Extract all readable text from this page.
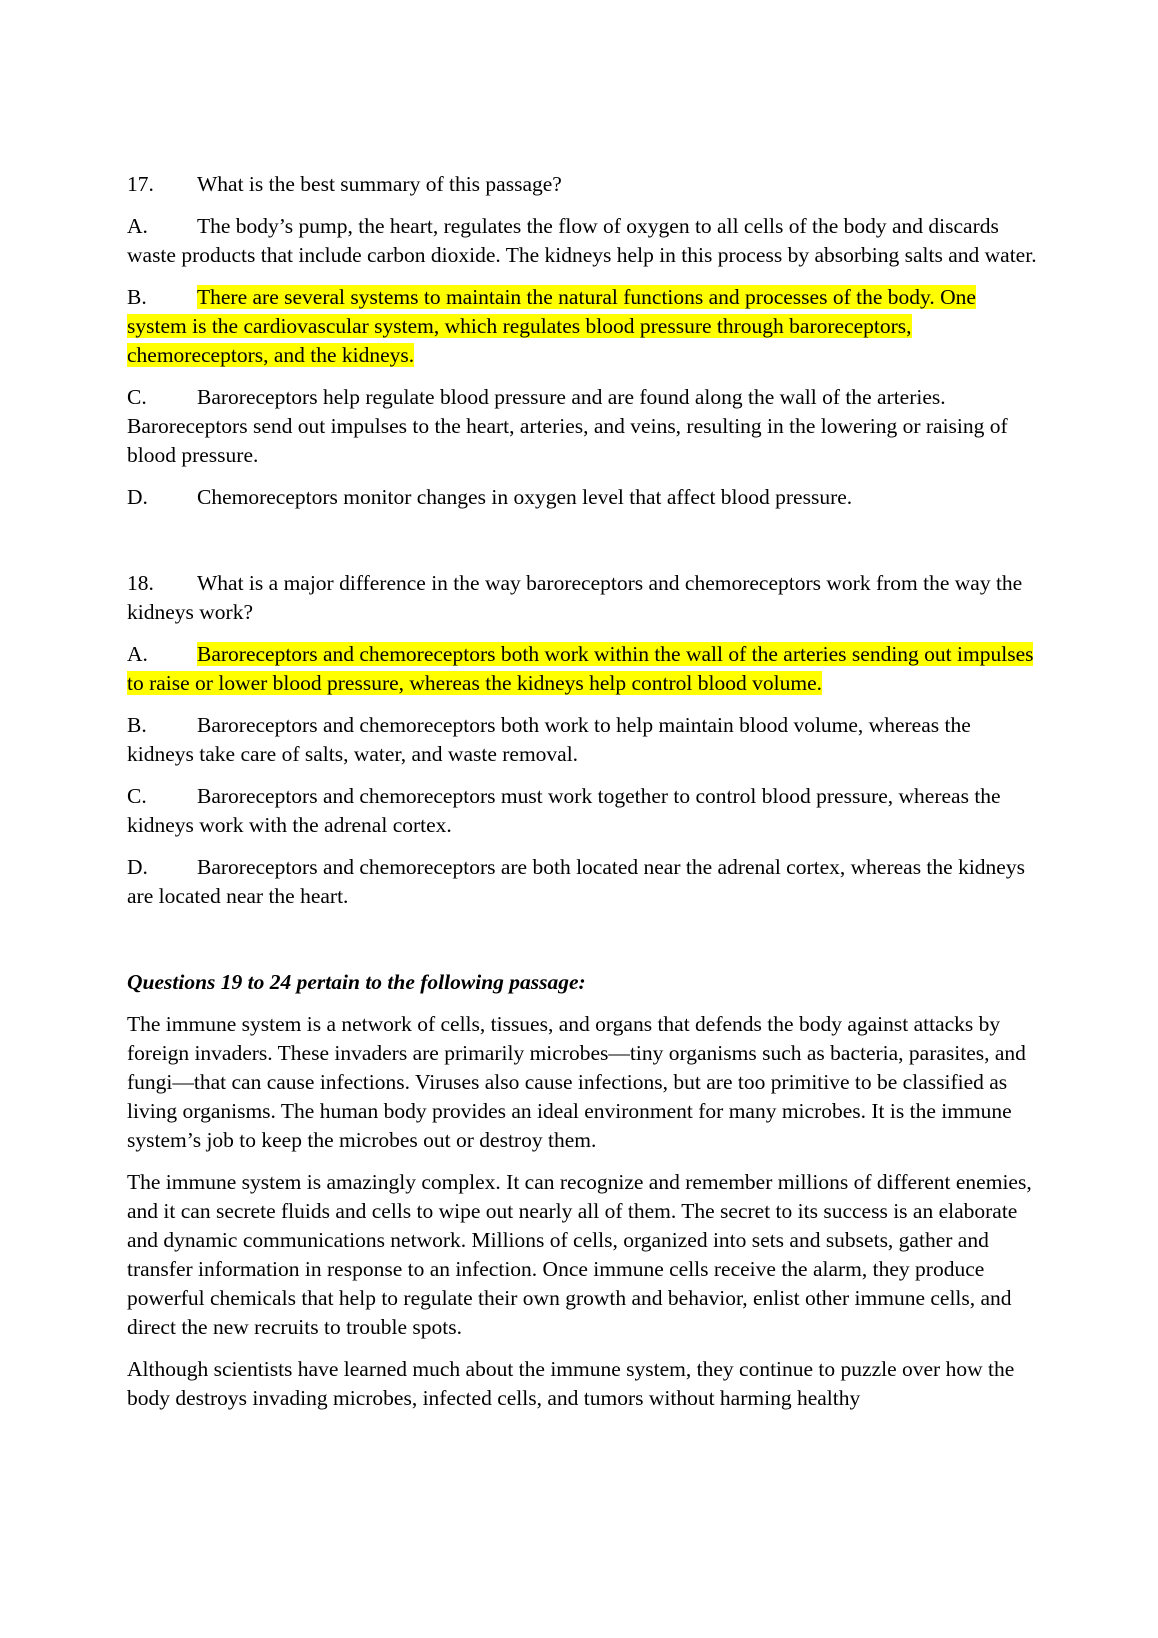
17. What is the best summary of this passage?
A. The body’s pump, the heart, regulates the flow of oxygen to all cells of the body and discards waste products that include carbon dioxide. The kidneys help in this process by absorbing salts and water.
B. There are several systems to maintain the natural functions and processes of the body. One system is the cardiovascular system, which regulates blood pressure through baroreceptors, chemoreceptors, and the kidneys.
C. Baroreceptors help regulate blood pressure and are found along the wall of the arteries. Baroreceptors send out impulses to the heart, arteries, and veins, resulting in the lowering or raising of blood pressure.
D. Chemoreceptors monitor changes in oxygen level that affect blood pressure.
18. What is a major difference in the way baroreceptors and chemoreceptors work from the way the kidneys work?
A. Baroreceptors and chemoreceptors both work within the wall of the arteries sending out impulses to raise or lower blood pressure, whereas the kidneys help control blood volume.
B. Baroreceptors and chemoreceptors both work to help maintain blood volume, whereas the kidneys take care of salts, water, and waste removal.
C. Baroreceptors and chemoreceptors must work together to control blood pressure, whereas the kidneys work with the adrenal cortex.
D. Baroreceptors and chemoreceptors are both located near the adrenal cortex, whereas the kidneys are located near the heart.
Questions 19 to 24 pertain to the following passage:

The immune system is a network of cells, tissues, and organs that defends the body against attacks by foreign invaders. These invaders are primarily microbes—tiny organisms such as bacteria, parasites, and fungi—that can cause infections. Viruses also cause infections, but are too primitive to be classified as living organisms. The human body provides an ideal environment for many microbes. It is the immune system’s job to keep the microbes out or destroy them.

The immune system is amazingly complex. It can recognize and remember millions of different enemies, and it can secrete fluids and cells to wipe out nearly all of them. The secret to its success is an elaborate and dynamic communications network. Millions of cells, organized into sets and subsets, gather and transfer information in response to an infection. Once immune cells receive the alarm, they produce powerful chemicals that help to regulate their own growth and behavior, enlist other immune cells, and direct the new recruits to trouble spots.

Although scientists have learned much about the immune system, they continue to puzzle over how the body destroys invading microbes, infected cells, and tumors without harming healthy
